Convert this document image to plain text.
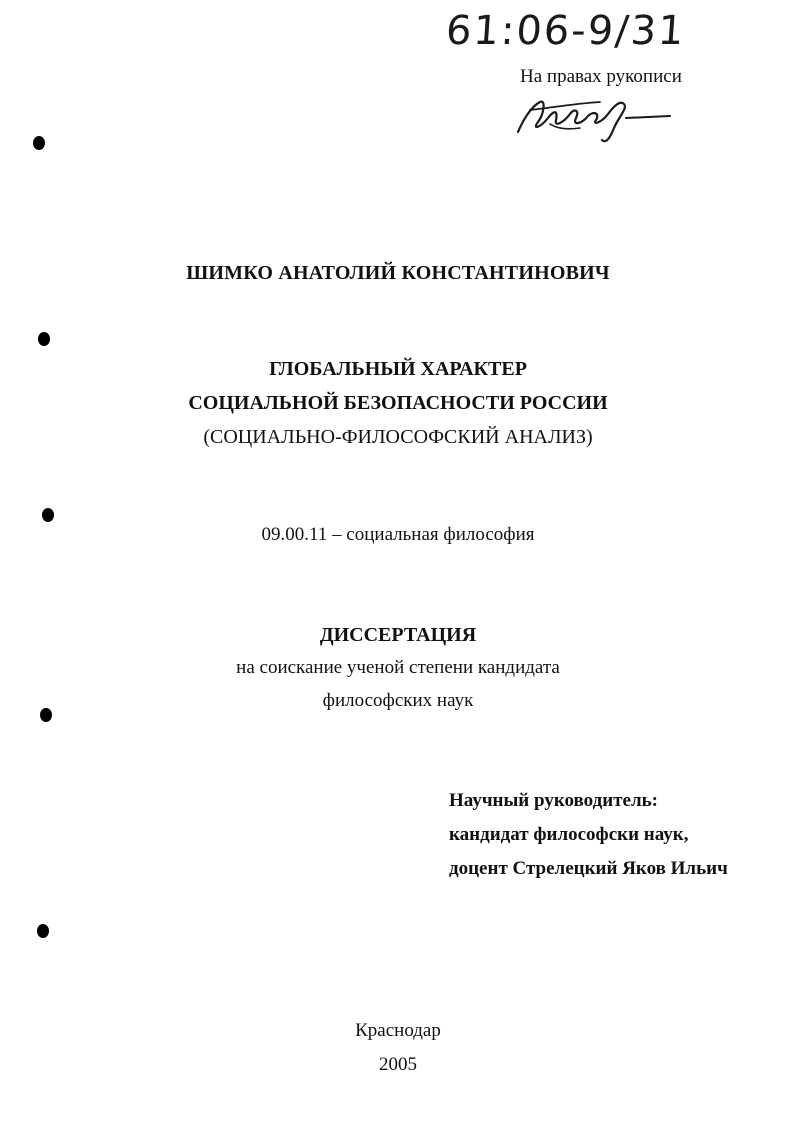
61:06-9/31
На правах рукописи
ШИМКО АНАТОЛИЙ КОНСТАНТИНОВИЧ
ГЛОБАЛЬНЫЙ ХАРАКТЕР
СОЦИАЛЬНОЙ БЕЗОПАСНОСТИ РОССИИ
(СОЦИАЛЬНО-ФИЛОСОФСКИЙ АНАЛИЗ)
09.00.11 – социальная философия
ДИССЕРТАЦИЯ
на соискание ученой степени кандидата
философских наук
Научный руководитель:
кандидат философски наук,
доцент Стрелецкий Яков Ильич
Краснодар
2005
